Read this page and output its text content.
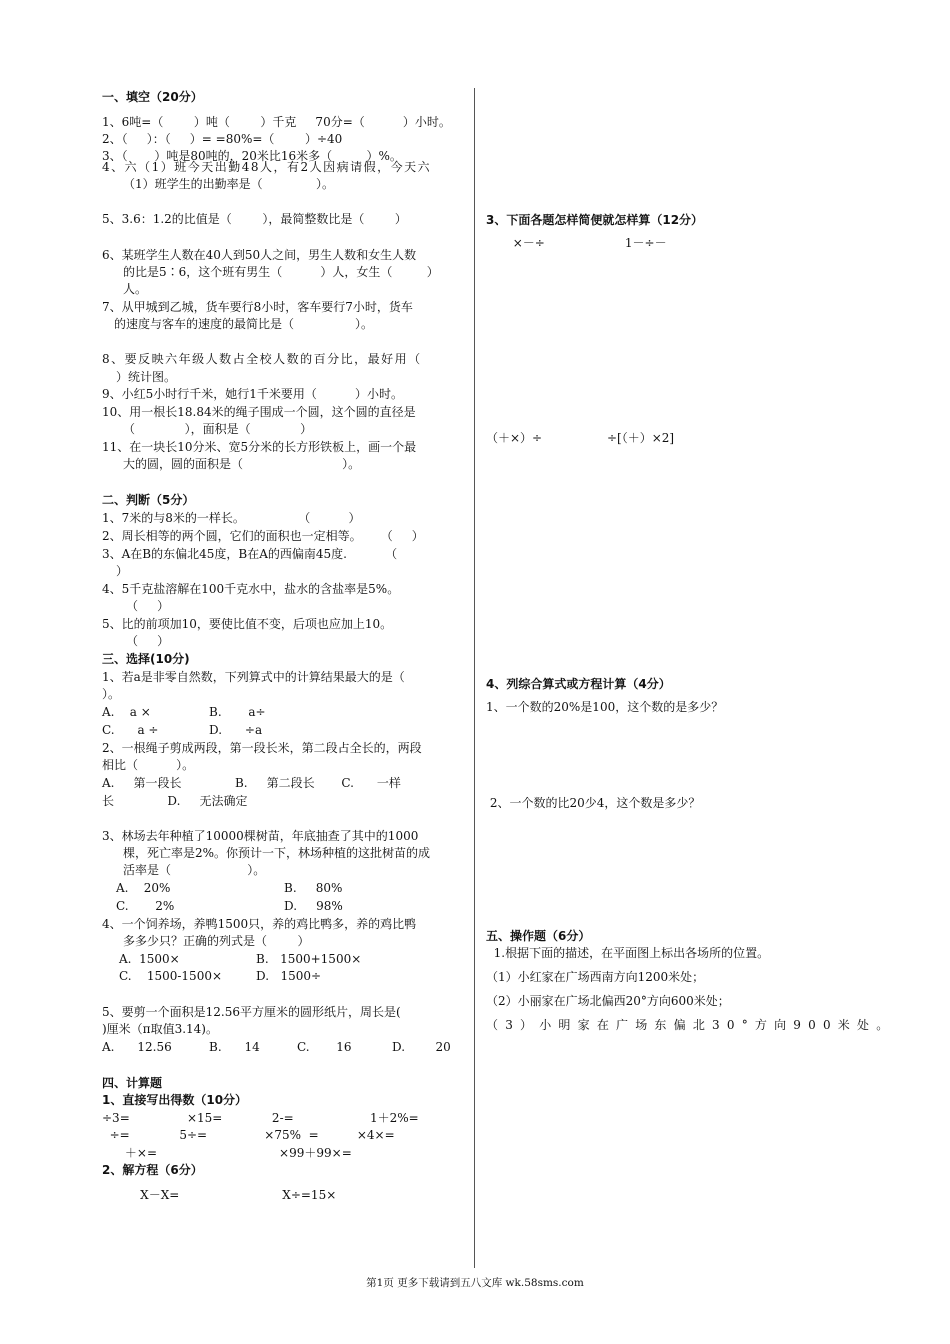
一、填空（20分）
1、6吨=（        ）吨（        ）千克     70分=（          ）小时。
2、（     ）：（     ）= =80%=（        ）÷40
3、（       ）吨是80吨的，20米比16米多（         ）%。
4、六（1）班今天出勤48人，有2人因病请假，今天六
（1）班学生的出勤率是（              ）。
5、3.6：1.2的比值是（        ），最简整数比是（        ）
6、某班学生人数在40人到50人之间，男生人数和女生人数
的比是5∶6，这个班有男生（          ）人，女生（         ）
人。
7、从甲城到乙城，货车要行8小时，客车要行7小时，货车
的速度与客车的速度的最简比是（                ）。
8、要反映六年级人数占全校人数的百分比，最好用（
）统计图。
9、小红5小时行千米，她行1千米要用（          ）小时。
10、用一根长18.84米的绳子围成一个圆，这个圆的直径是
（             ），面积是（             ）
11、在一块长10分米、宽5分米的长方形铁板上，画一个最
大的圆，圆的面积是（                          ）。
二、判断（5分）
1、7米的与8米的一样长。              （          ）
2、周长相等的两个圆，它们的面积也一定相等。     （     ）
3、A在B的东偏北45度，B在A的西偏南45度.          （
）
4、5千克盐溶解在100千克水中，盐水的含盐率是5%。
（     ）
5、比的前项加10，要使比值不变，后项也应加上10。
（     ）
三、选择(10分)
1、若a是非零自然数，下列算式中的计算结果最大的是（
）。
A.    a ×	B.       a÷
C.      a ÷	D.      ÷a
2、一根绳子剪成两段，第一段长米，第二段占全长的，两段
相比（          ）。
A.     第一段长              B.     第二段长       C.      一样
长              D.     无法确定
3、林场去年种植了10000棵树苗，年底抽查了其中的1000
棵，死亡率是2%。你预计一下，林场种植的这批树苗的成
活率是（                    ）。
A.    20%	B.     80%
C.       2%	D.     98%
4、一个饲养场，养鸭1500只，养的鸡比鸭多，养的鸡比鸭
多多少只？正确的列式是（        ）
A.  1500×	B.   1500+1500×
C.    1500-1500×	D.   1500÷
5、要剪一个面积是12.56平方厘米的圆形纸片，周长是(
)厘米（π取值3.14)。
A.      12.56	B.      14	C.       16	D.        20
四、计算题
1、直接写出得数（10分）
÷3=               ×15=             2-=                    1＋2%=
÷=             5÷=               ×75%  =          ×4×=
＋×=                                ×99＋99×=
2、解方程（6分）
X－X=                           X÷=15×
3、下面各题怎样简便就怎样算（12分）
×－÷                     1－÷－
（＋×）÷                 ÷[（＋）×2]
4、列综合算式或方程计算（4分）
1、一个数的20%是100，这个数的是多少？
2、一个数的比20少4，这个数是多少？
五、操作题（6分）
1.根据下面的描述，在平面图上标出各场所的位置。
（1）小红家在广场西南方向1200米处；
（2）小丽家在广场北偏西20°方向600米处；
（3）小明家在广场东偏北30°方向900米处。
第1页 更多下载请到五八文库 wk.58sms.com
